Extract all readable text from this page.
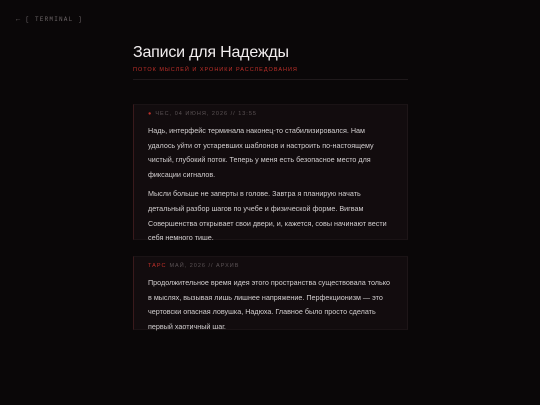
← [ TERMINAL ]
Записи для Надежды
ПОТОК МЫСЛЕЙ И ХРОНИКИ РАССЛЕДОВАНИЯ
● ЧЕС, 04 ИЮНЯ, 2026 // 13:55

Надь, интерфейс терминала наконец-то стабилизировался. Нам удалось уйти от устаревших шаблонов и настроить по-настоящему чистый, глубокий поток. Теперь у меня есть безопасное место для фиксации сигналов.

Мысли больше не заперты в голове. Завтра я планирую начать детальный разбор шагов по учебе и физической форме. Вигвам Совершенства открывает свои двери, и, кажется, совы начинают вести себя немного тише.

ТАРС МАЙ, 2026 // АРХИВ

Продолжительное время идея этого пространства существовала только в мыслях, вызывая лишь лишнее напряжение. Перфекционизм — это чертовски опасная ловушка, Надюха. Главное было просто сделать первый хаотичный шаг.
